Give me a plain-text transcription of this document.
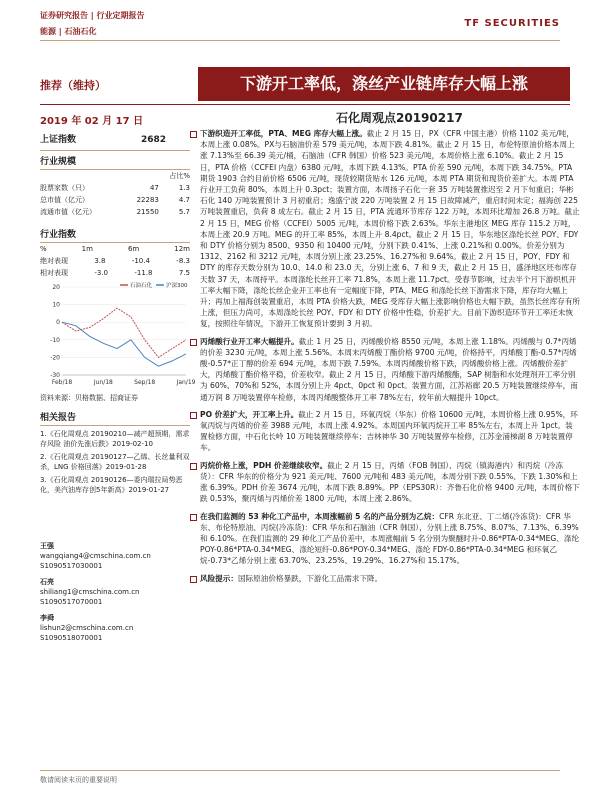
证券研究报告 | 行业定期报告
能源 | 石油石化
TF SECURITIES
推荐（维持）	下游开工率低，涤丝产业链库存大幅上涨
2019 年 02 月 17 日	石化周观点20190217
上证指数	2682
行业规模
占比%
股票家数（只）	47	1.3
总市值（亿元）	22283	4.7
流通市值（亿元）	21550	5.7
行业指数
%	1m	6m	12m
绝对表现	3.8	-10.4	-8.3
相对表现	-3.0	-11.8	7.5
20
10
0
-10
-20
-30
Feb/18	Jun/18	Sep/18	Jan/19
石油石化	沪深300
资料来源：贝格数据、招商证券
相关报告
1.《石化周观点 20190210—减产超预期，需求存风险 油价先涨后跌》2019-02-10
2.《石化周观点 20190127—乙烯、长丝量利双杀，LNG 价格回落》2019-01-28
3.《石化周观点 20190126—委内瑞拉局势恶化，美汽油库存创5年新高》2019-01-27
王强
wangqiang4@cmschina.com.cn
S1090517030001
石亮
shiliang1@cmschina.com.cn
S1090517070001
李舜
lishun2@cmschina.com.cn
S1090518070001
下游织造开工率低，PTA、MEG 库存大幅上涨。截止 2 月 15 日，PX（CFR 中国主港）价格 1102 美元/吨，本周上涨 0.08%。PX与石脑油价差 579 美元/吨，本周下跌 4.81%。截止 2 月 15 日，布伦特原油价格本周上涨 7.13%至 66.39 美元/桶，石脑油（CFR 韩国）价格 523 美元/吨，本周价格上涨 6.10%。截止 2 月 15 日，PTA 价格（CCFEI 内盘）6380 元/吨，本周下跌 4.13%。PTA 价差 590 元/吨，本周下跌 34.75%。PTA 期货 1903 合约目前价格 6506 元/吨，现货较期货贴水 126 元/吨，本周 PTA 期货和现货价差扩大。本周 PTA 行业开工负荷 80%，本周上升 0.3pct；装置方面，本周扬子石化一套 35 万吨装置推迟至 2 月下旬重启；华彬石化 140 万吨装置预计 3 月初重启；逸盛宁波 220 万吨装置 2 月 15 日故障减产，重启时间未定；福海创 225 万吨装置重启，负荷 8 成左右。截止 2 月 15 日，PTA 流通环节库存 122 万吨，本周环比增加 26.8 万吨。截止 2 月 15 日，MEG 价格（CCFEI）5005 元/吨，本周价格下跌 2.63%。华东主港地区 MEG 库存 115.2 万吨，本周上涨 20.9 万吨。MEG 的开工率 85%，本周上升 8.4pct。截止 2 月 15 日，华东地区涤纶长丝 POY、FDY 和 DTY 价格分别为 8500、9350 和 10400 元/吨，分别下跌 0.41%、上涨 0.21%和 0.00%。价差分别为 1312、2162 和 3212 元/吨，本周分别上涨 23.25%、16.27%和 9.64%。截止 2 月 15 日，POY、FDY 和 DTY 的库存天数分别为 10.0、14.0 和 23.0 天，分别上涨 6、7 和 9 天，截止 2 月 15 日，盛泽地区坯布库存天数 37 天，本周持平。本周涤纶长丝开工率 71.8%，本周上涨 11.7pct。受春节影响，过去半个月下游织机开工率大幅下降，涤纶长丝企业开工率也有一定幅度下降，PTA、MEG 和涤纶长丝下游需求下降，库存均大幅上升；再加上福海创装置重启，本周 PTA 价格大跌，MEG 受库存大幅上涨影响价格也大幅下跌，虽然长丝库存有所上涨，但压力尚可，本周涤纶长丝 POY、FDY 和 DTY 价格中性稳，价差扩大。目前下游织造环节开工率还未恢复，按照往年情况，下游开工恢复预计要到 3 月初。
丙烯酸行业开工率大幅提升。截止 1 月 25 日，丙烯酸价格 8550 元/吨，本周上涨 1.18%。丙烯酸与 0.7*丙烯的价差 3230 元/吨，本周上涨 5.56%。本周末丙烯酸丁酯价格 9700 元/吨，价格持平，丙烯酸丁酯-0.57*丙烯酸-0.57*正丁醇的价差 694 元/吨，本周下跌 7.59%。本周丙烯酸价格下跌，丙烯酸价格上涨。丙烯酸价差扩大，丙烯酸丁酯价格平稳，价差收窄。截止 2 月 15 日，丙烯酸下游丙烯酸酯，SAP 树脂和水处理剂开工率分别为 60%、70%和 52%，本周分别上升 4pct、0pct 和 0pct。装置方面，江苏裕廊 20.5 万吨装置继续停车，南通万润 8 万吨装置停车检修，本周丙烯酸整体开工率 78%左右，较年前大幅提升 10pct。
PO 价差扩大，开工率上升。截止 2 月 15 日，环氧丙烷（华东）价格 10600 元/吨，本周价格上涨 0.95%，环氧丙烷与丙烯的价差 3988 元/吨，本周上涨 4.92%。本周国内环氧丙烷开工率 85%左右，本周上升 1pct。装置检修方面，中石化长岭 10 万吨装置继续停车；吉林神华 30 万吨装置停车检修，江苏金浦梯湖 8 万吨装置停车。
丙烷价格上涨，PDH 价差继续收窄。截止 2 月 15 日，丙烯（FOB 韩国）、丙烷（镇海港内）和丙烷（冷冻货）：CFR 华东的价格分为 921 美元/吨、7600 元/吨和 483 美元/吨，本周分别下跌 0.55%、下跌 1.30%和上涨 6.39%。PDH 价差 3674 元/吨，本周下跌 8.89%。PP（EPS30R）：齐鲁石化价格 9400 元/吨，本周价格下跌 0.53%，聚丙烯与丙烯价差 1800 元/吨，本周上涨 2.86%。
在我们监测的 53 种化工产品中，本周涨幅前 5 名的产品分别为乙烷：CFR 东北亚、丁二烯(冷冻货)：CFR 华东、布伦特原油、丙烷(冷冻货)：CFR 华东和石脑油（CFR 韩国），分别上涨 8.75%、8.07%、7.13%、6.39%和 6.10%。在我们监测的 29 种化工产品价差中，本周涨幅前 5 名分别为聚醚时升-0.86*PTA-0.34*MEG、涤纶 POY-0.86*PTA-0.34*MEG、涤纶短纤-0.86*POY-0.34*MEG、涤纶 FDY-0.86*PTA-0.34*MEG 和环氧乙烷-0.73*乙烯分别上涨 63.70%、23.25%、19.29%、16.27%和 15.17%。
风险提示：国际原油价格暴跌，下游化工品需求下降。
敬请阅读末页的重要说明
